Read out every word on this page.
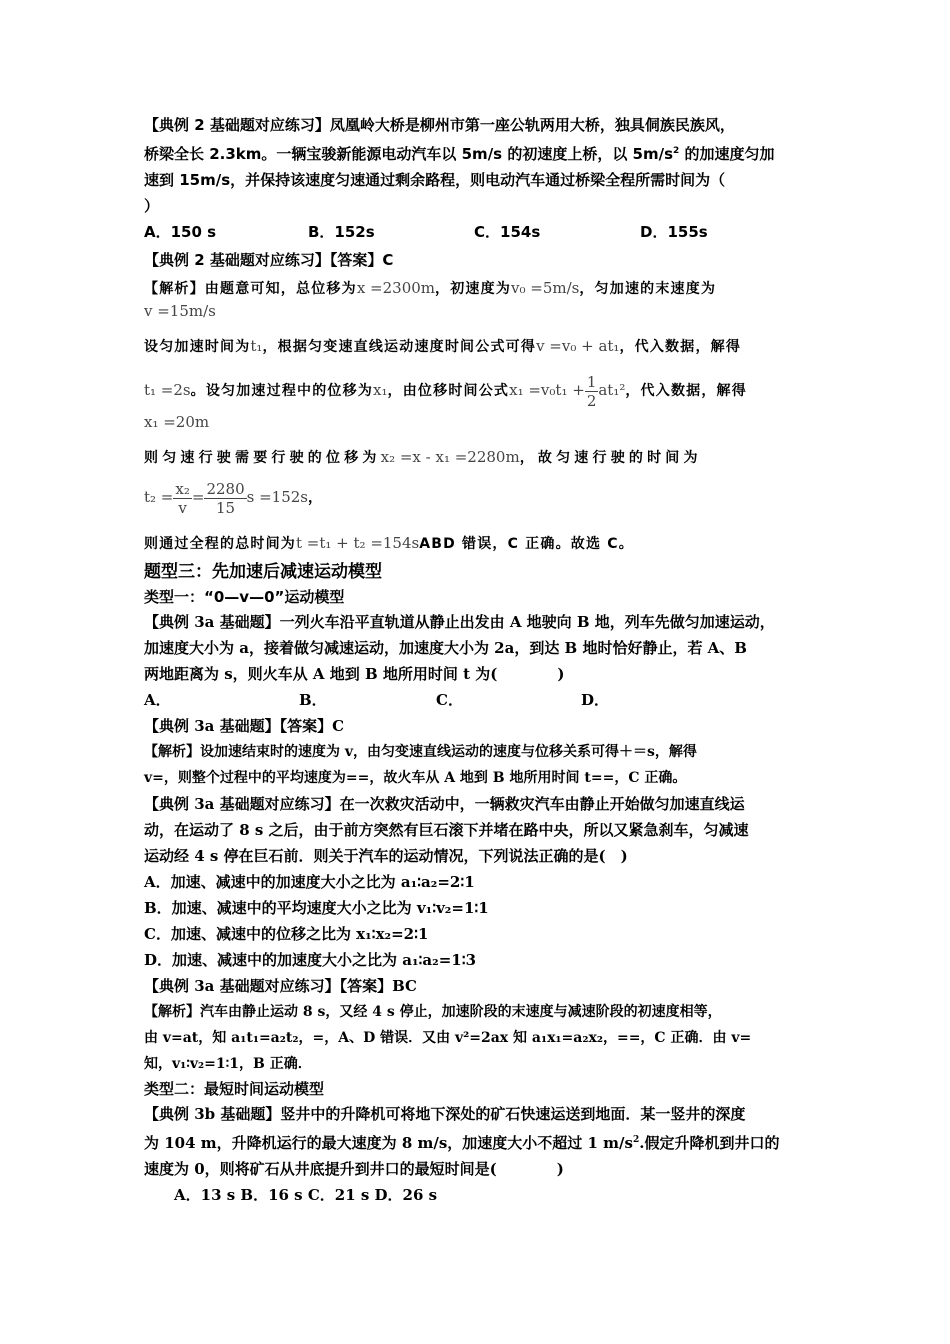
【典例 2 基础题对应练习】凤凰岭大桥是柳州市第一座公轨两用大桥，独具侗族民族风，

桥梁全长 2.3km。一辆宝骏新能源电动汽车以 5m/s 的初速度上桥，以 $5m/s^2$ 的加速度匀加

速到 15m/s，并保持该速度匀速通过剩余路程，则电动汽车通过桥梁全程所需时间为（

）

A．150 s	B．152s	C．154s	D．155s

【典例 2 基础题对应练习】【答案】C

【解析】由题意可知，总位移为x =2300m，初速度为v₀ =5m/s，匀加速的末速度为

v =15m/s

设匀加速时间为t₁，根据匀变速直线运动速度时间公式可得v =v₀ + at₁，代入数据，解得

t₁ =2s。设匀加速过程中的位移为x₁，由位移时间公式$x_1 =v_0t_1 + \frac{1}{2} at_1^2$，代入数据，解得

x₁ =20m

则匀速行驶需要行驶的位移为x₂ =x - x₁ =2280m，故匀速行驶的时间为

$t_2 = \frac{\text{x₂}}{v} = \frac{2280}{15}$ s =152s，

则通过全程的总时间为t =t₁ + t₂ =154sABD 错误，C 正确。故选 C。

题型三：先加速后减速运动模型

类型一：“0—v—0”运动模型

【典例 3a 基础题】一列火车沿平直轨道从静止出发由 A 地驶向 B 地，列车先做匀加速运动，

加速度大小为 a，接着做匀减速运动，加速度大小为 2a，到达 B 地时恰好静止，若 A、B

两地距离为 s，则火车从 A 地到 B 地所用时间 t 为(　　　　)

A．	B．	C．	D．

【典例 3a 基础题】【答案】C

【解析】设加速结束时的速度为 v，由匀变速直线运动的速度与位移关系可得＋＝s，解得

v=，则整个过程中的平均速度为==，故火车从 A 地到 B 地所用时间 t==，C 正确。

【典例 3a 基础题对应练习】在一次救灾活动中，一辆救灾汽车由静止开始做匀加速直线运

动，在运动了 8 s 之后，由于前方突然有巨石滚下并堵在路中央，所以又紧急刹车，匀减速

运动经 4 s 停在巨石前．则关于汽车的运动情况，下列说法正确的是(　)

A．加速、减速中的加速度大小之比为 a₁∶a₂=2∶1

B．加速、减速中的平均速度大小之比为 v₁∶v₂=1∶1

C．加速、减速中的位移之比为 x₁∶x₂=2∶1

D．加速、减速中的加速度大小之比为 a₁∶a₂=1∶3

【典例 3a 基础题对应练习】【答案】BC

【解析】汽车由静止运动 8 s，又经 4 s 停止，加速阶段的末速度与减速阶段的初速度相等，

由 v=at，知 a₁t₁=a₂t₂，=，A、D 错误．又由 v²=2ax 知 a₁x₁=a₂x₂，==，C 正确．由 v=

知，v₁∶v₂=1∶1，B 正确．

类型二：最短时间运动模型

【典例 3b 基础题】竖井中的升降机可将地下深处的矿石快速运送到地面．某一竖井的深度

为 104 m，升降机运行的最大速度为 8 m/s，加速度大小不超过 1 $m/s^2$.假定升降机到井口的

速度为 0，则将矿石从井底提升到井口的最短时间是(　　　　)

A．13 s B．16 s C．21 s D．26 s
